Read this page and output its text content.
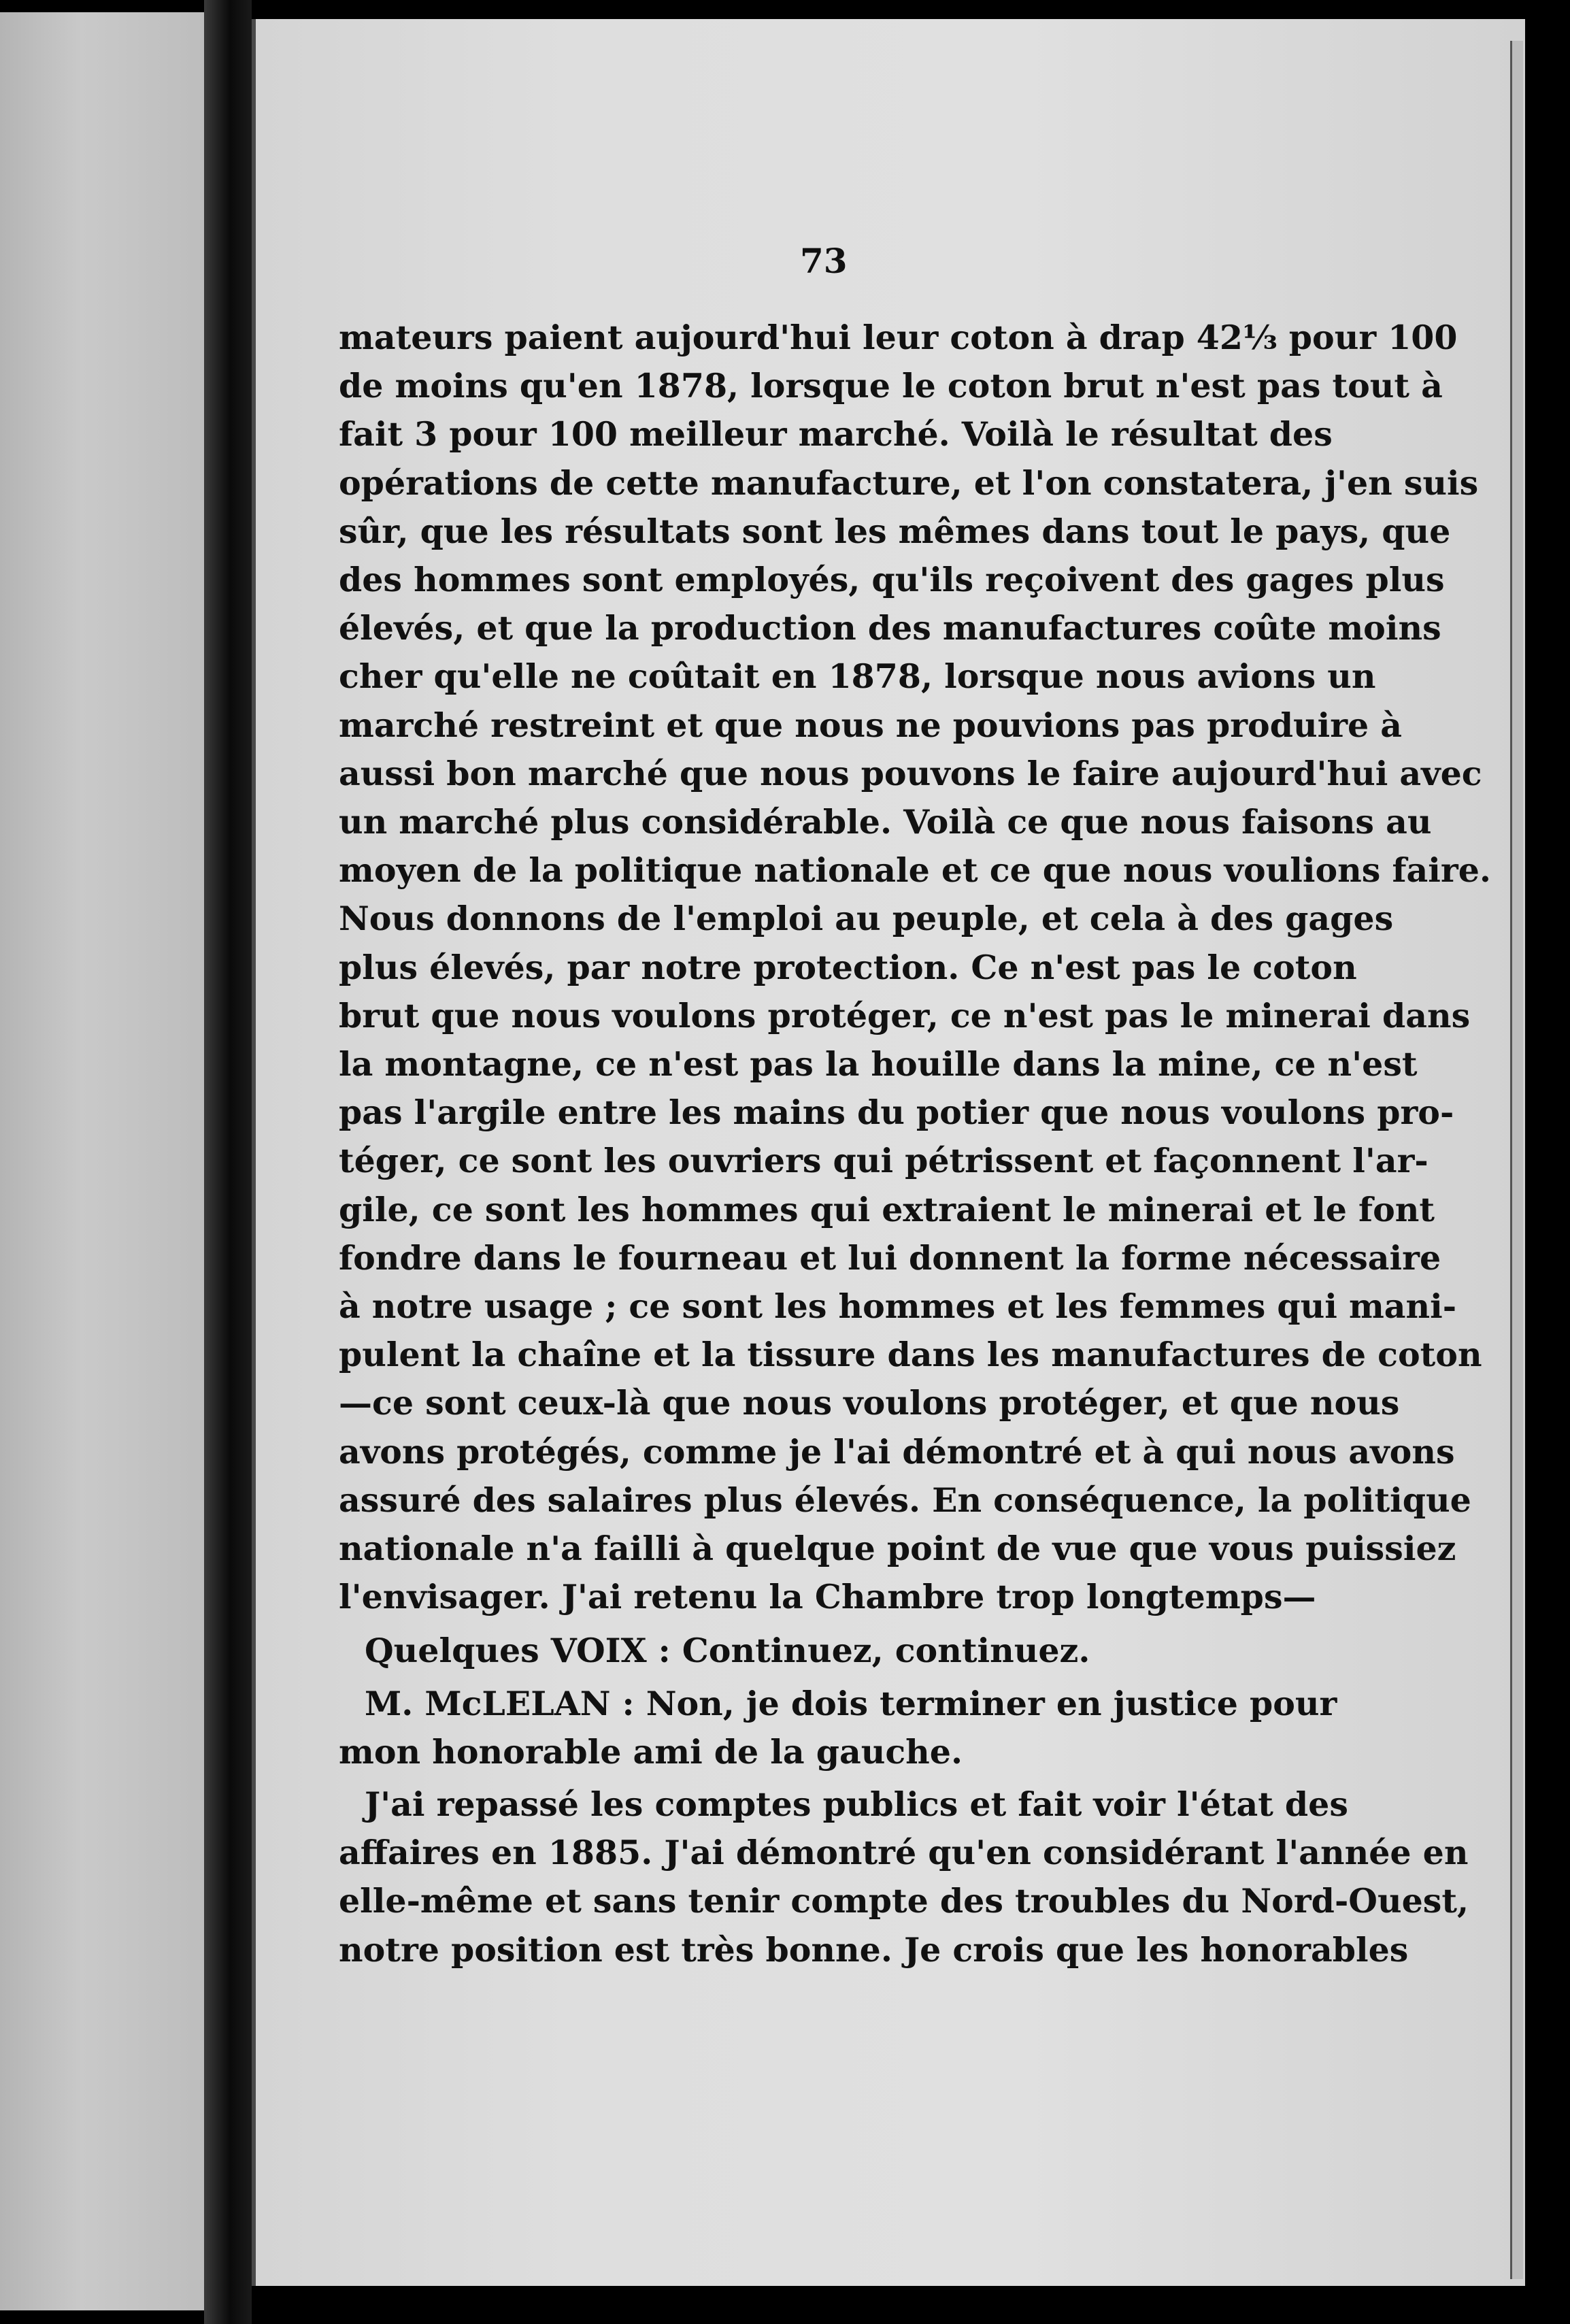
73
mateurs paient aujourd'hui leur coton à drap 42⅓ pour 100
de moins qu'en 1878, lorsque le coton brut n'est pas tout à
fait 3 pour 100 meilleur marché. Voilà le résultat des
opérations de cette manufacture, et l'on constatera, j'en suis
sûr, que les résultats sont les mêmes dans tout le pays, que
des hommes sont employés, qu'ils reçoivent des gages plus
élevés, et que la production des manufactures coûte moins
cher qu'elle ne coûtait en 1878, lorsque nous avions un
marché restreint et que nous ne pouvions pas produire à
aussi bon marché que nous pouvons le faire aujourd'hui avec
un marché plus considérable. Voilà ce que nous faisons au
moyen de la politique nationale et ce que nous voulions faire.
Nous donnons de l'emploi au peuple, et cela à des gages
plus élevés, par notre protection. Ce n'est pas le coton
brut que nous voulons protéger, ce n'est pas le minerai dans
la montagne, ce n'est pas la houille dans la mine, ce n'est
pas l'argile entre les mains du potier que nous voulons pro-
téger, ce sont les ouvriers qui pétrissent et façonnent l'ar-
gile, ce sont les hommes qui extraient le minerai et le font
fondre dans le fourneau et lui donnent la forme nécessaire
à notre usage ; ce sont les hommes et les femmes qui mani-
pulent la chaîne et la tissure dans les manufactures de coton
—ce sont ceux-là que nous voulons protéger, et que nous
avons protégés, comme je l'ai démontré et à qui nous avons
assuré des salaires plus élevés. En conséquence, la politique
nationale n'a failli à quelque point de vue que vous puissiez
l'envisager. J'ai retenu la Chambre trop longtemps—
Quelques VOIX : Continuez, continuez.
M. McLELAN : Non, je dois terminer en justice pour
mon honorable ami de la gauche.
J'ai repassé les comptes publics et fait voir l'état des
affaires en 1885. J'ai démontré qu'en considérant l'année en
elle-même et sans tenir compte des troubles du Nord-Ouest,
notre position est très bonne. Je crois que les honorables
